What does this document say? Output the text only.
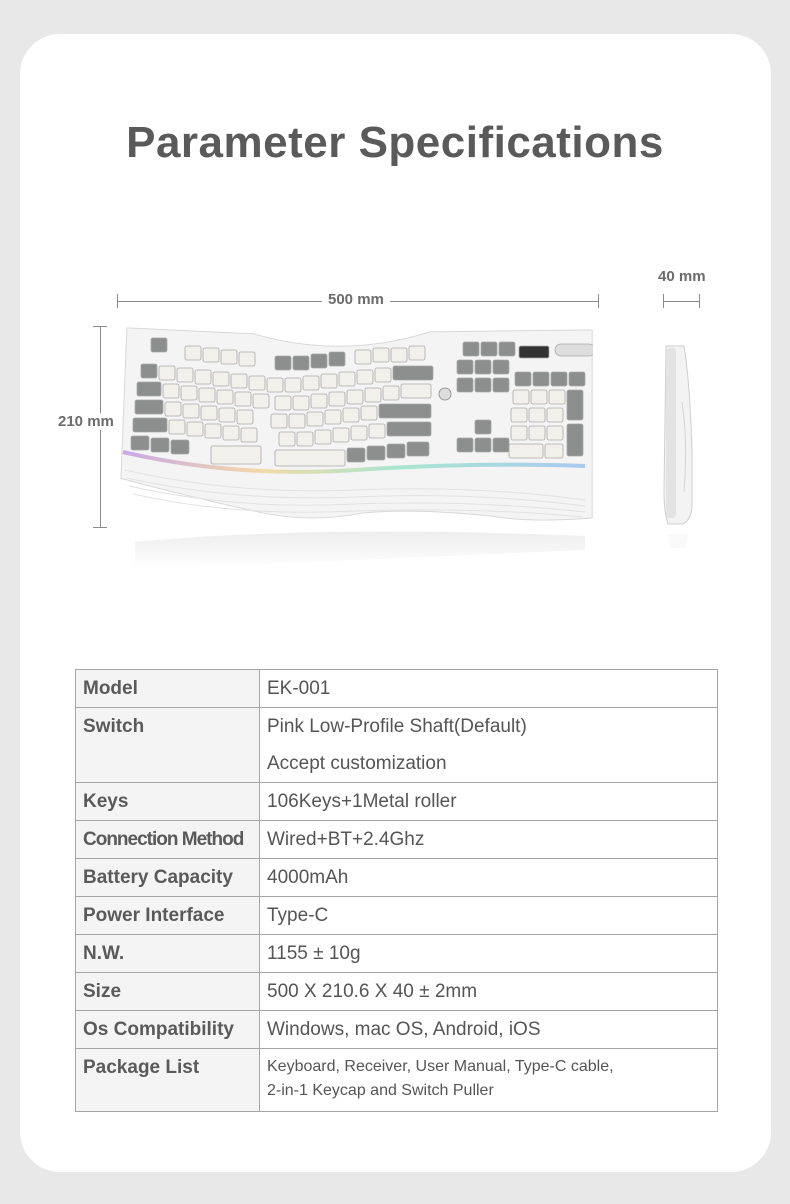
Parameter Specifications
500 mm
40 mm
210 mm
Model	EK-001
Switch	Pink Low-Profile Shaft(Default)
Accept customization

Keys	106Keys+1Metal roller
Connection Method	Wired+BT+2.4Ghz
Battery Capacity	4000mAh
Power Interface	Type-C
N.W.	1155 ± 10g
Size	500 X 210.6 X 40 ± 2mm
Os Compatibility	Windows, mac OS, Android, iOS
Package List	Keyboard, Receiver, User Manual, Type-C cable,
2-in-1 Keycap and Switch Puller
